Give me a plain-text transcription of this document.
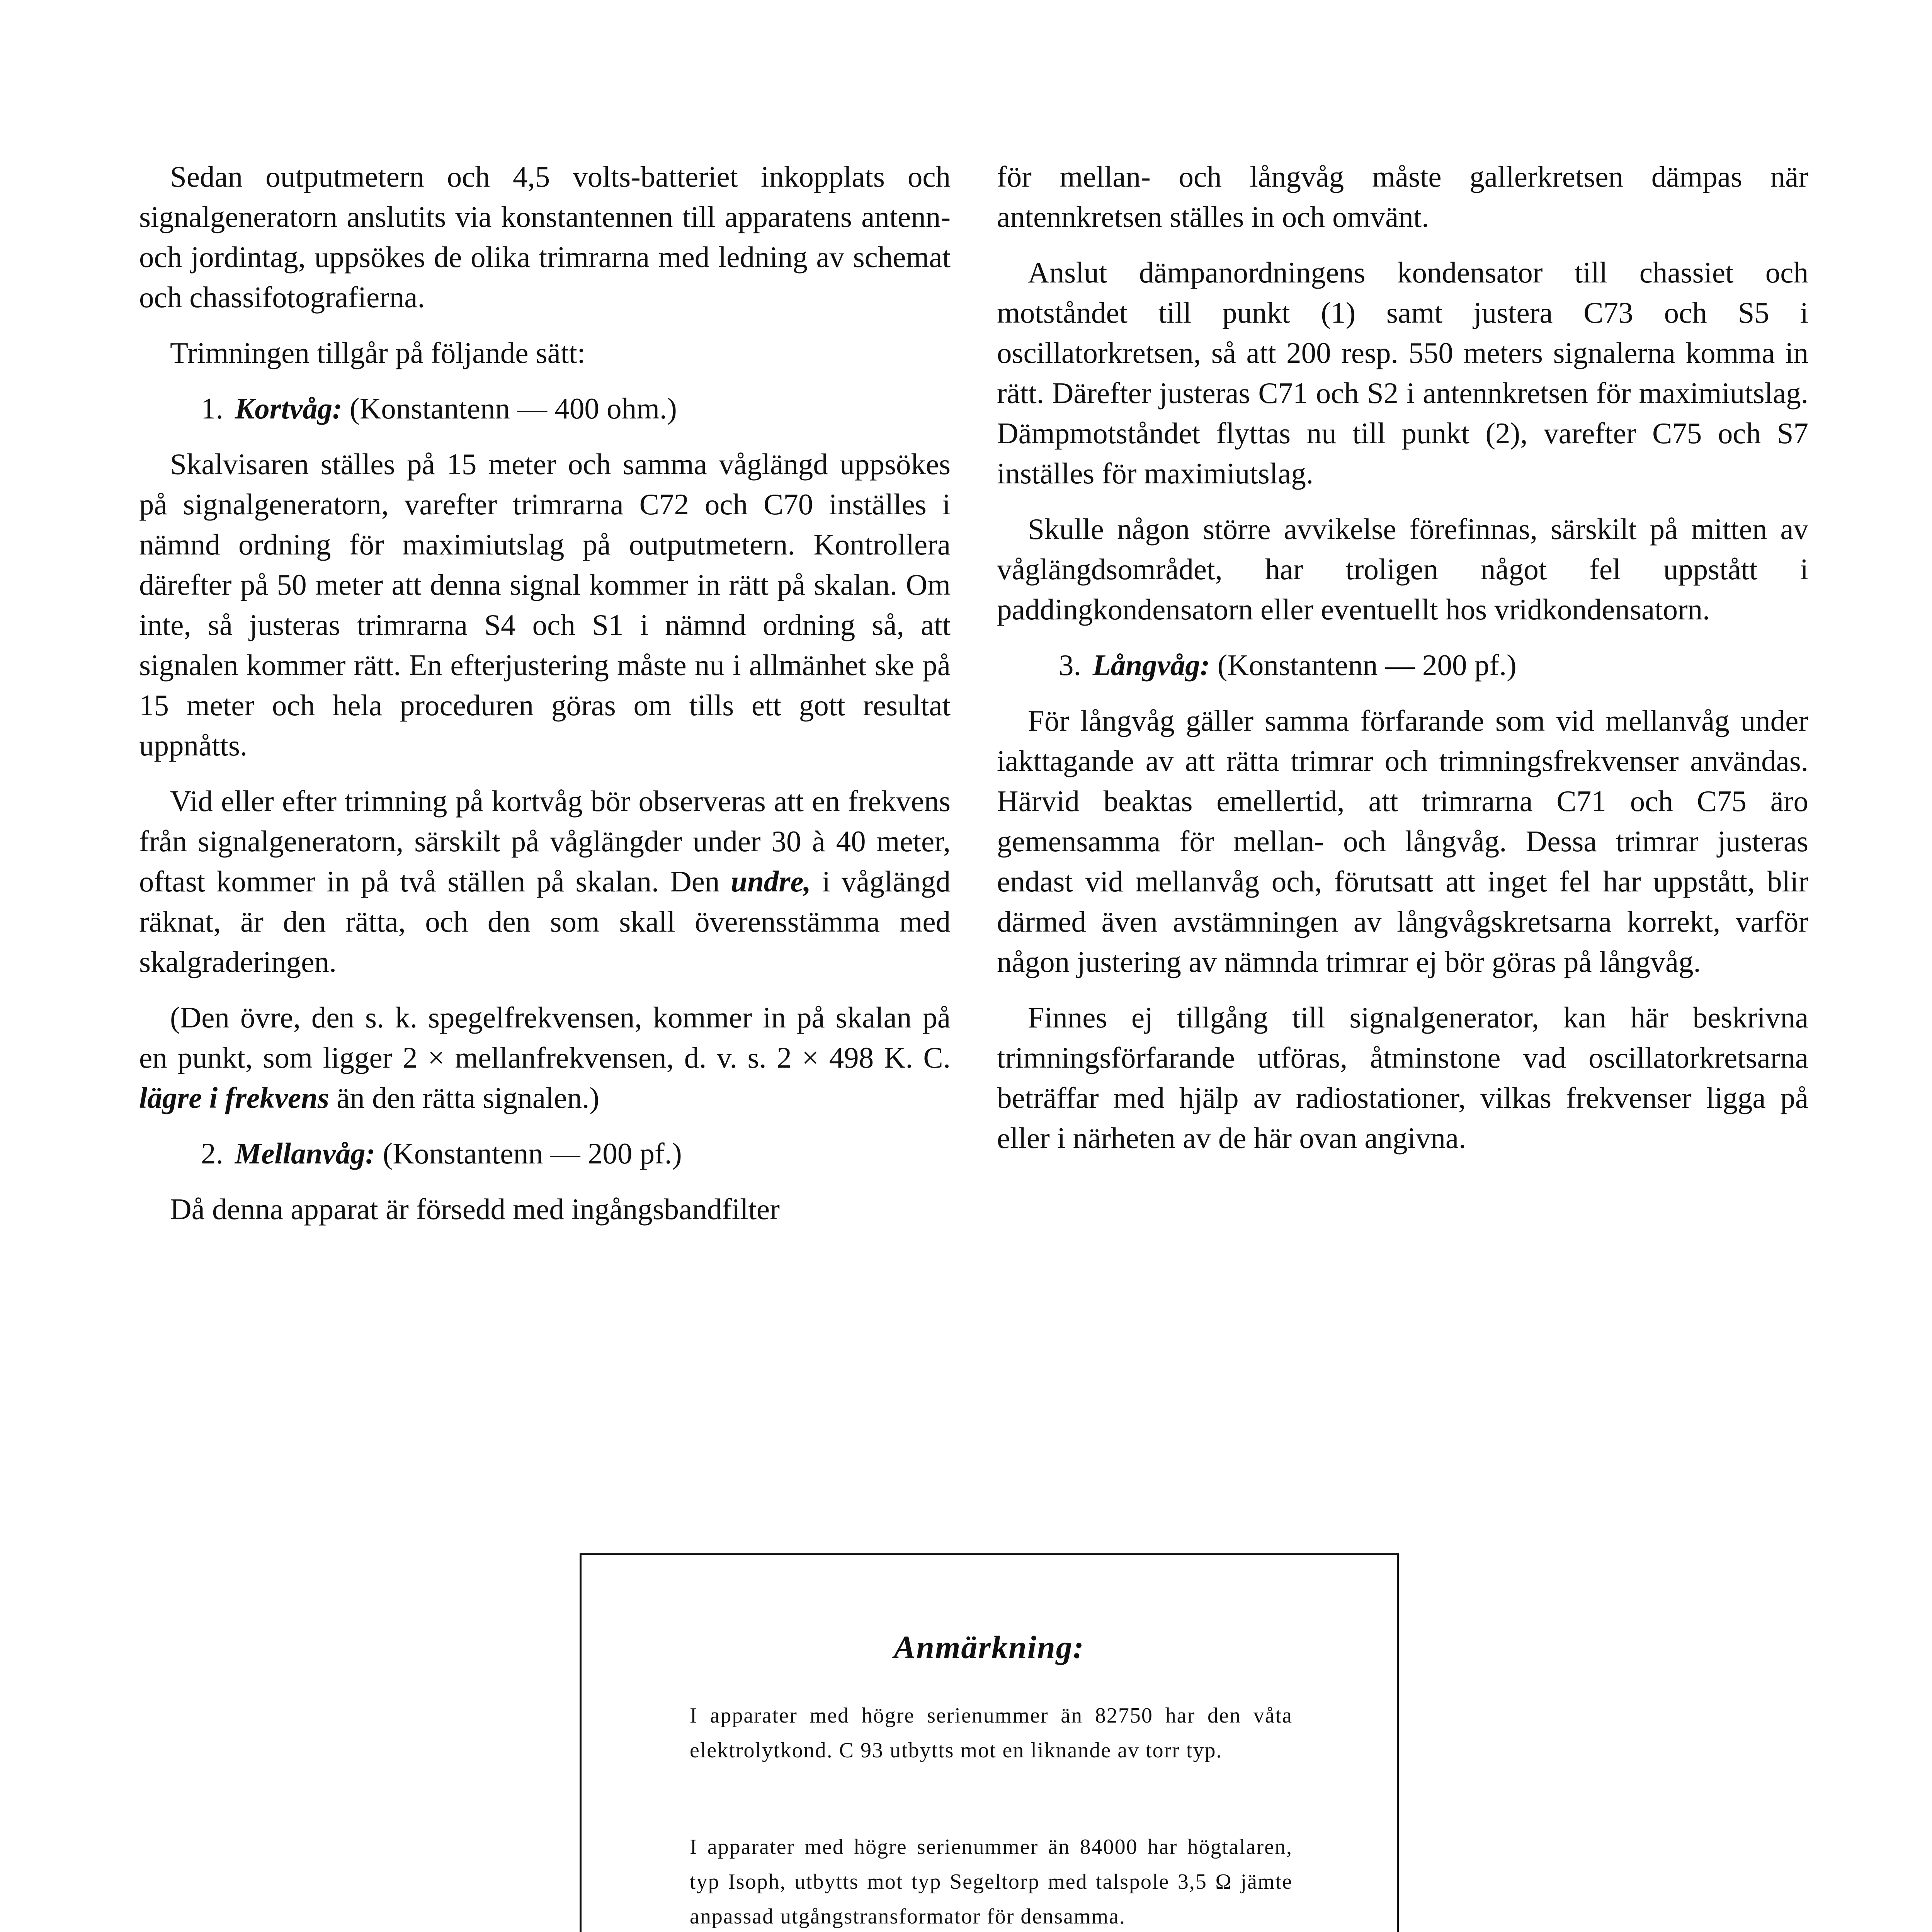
Sedan outputmetern och 4,5 volts-batteriet inkopplats och signalgeneratorn anslutits via konstantennen till apparatens antenn- och jordintag, uppsökes de olika trimrarna med ledning av schemat och chassifotografierna.

Trimningen tillgår på följande sätt:

1. Kortvåg: (Konstantenn — 400 ohm.)

Skalvisaren ställes på 15 meter och samma våglängd uppsökes på signalgeneratorn, varefter trimrarna C72 och C70 inställes i nämnd ordning för maximiutslag på outputmetern. Kontrollera därefter på 50 meter att denna signal kommer in rätt på skalan. Om inte, så justeras trimrarna S4 och S1 i nämnd ordning så, att signalen kommer rätt. En efterjustering måste nu i allmänhet ske på 15 meter och hela proceduren göras om tills ett gott resultat uppnåtts.

Vid eller efter trimning på kortvåg bör observeras att en frekvens från signalgeneratorn, särskilt på våglängder under 30 à 40 meter, oftast kommer in på två ställen på skalan. Den undre, i våglängd räknat, är den rätta, och den som skall överensstämma med skalgraderingen.

(Den övre, den s. k. spegelfrekvensen, kommer in på skalan på en punkt, som ligger 2 × mellanfrekvensen, d. v. s. 2 × 498 K. C. lägre i frekvens än den rätta signalen.)

2. Mellanvåg: (Konstantenn — 200 pf.)

Då denna apparat är försedd med ingångsbandfilter

för mellan- och långvåg måste gallerkretsen dämpas när antennkretsen ställes in och omvänt.

Anslut dämpanordningens kondensator till chassiet och motståndet till punkt (1) samt justera C73 och S5 i oscillatorkretsen, så att 200 resp. 550 meters signalerna komma in rätt. Därefter justeras C71 och S2 i antennkretsen för maximiutslag. Dämpmotståndet flyttas nu till punkt (2), varefter C75 och S7 inställes för maximiutslag.

Skulle någon större avvikelse förefinnas, särskilt på mitten av våglängdsområdet, har troligen något fel uppstått i paddingkondensatorn eller eventuellt hos vridkondensatorn.

3. Långvåg: (Konstantenn — 200 pf.)

För långvåg gäller samma förfarande som vid mellanvåg under iakttagande av att rätta trimrar och trimningsfrekvenser användas. Härvid beaktas emellertid, att trimrarna C71 och C75 äro gemensamma för mellan- och långvåg. Dessa trimrar justeras endast vid mellanvåg och, förutsatt att inget fel har uppstått, blir därmed även avstämningen av långvågskretsarna korrekt, varför någon justering av nämnda trimrar ej bör göras på långvåg.

Finnes ej tillgång till signalgenerator, kan här beskrivna trimningsförfarande utföras, åtminstone vad oscillatorkretsarna beträffar med hjälp av radiostationer, vilkas frekvenser ligga på eller i närheten av de här ovan angivna.

Anmärkning:

I apparater med högre serienummer än 82750 har den våta elektrolytkond. C 93 utbytts mot en liknande av torr typ.

I apparater med högre serienummer än 84000 har högtalaren, typ Isoph, utbytts mot typ Segeltorp med talspole 3,5 Ω jämte anpassad utgångstransformator för densamma.
